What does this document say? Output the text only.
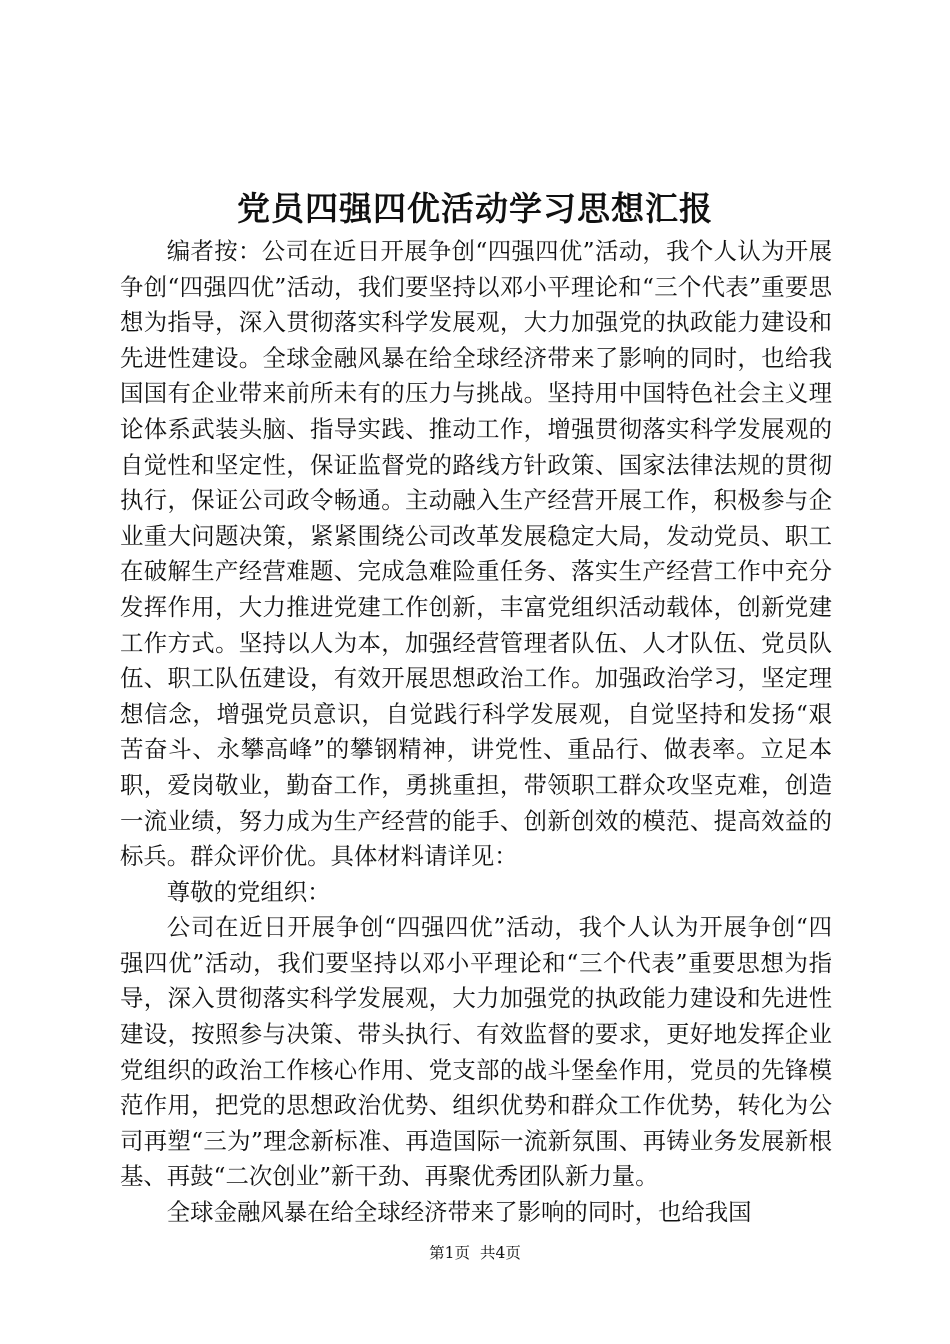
党员四强四优活动学习思想汇报

编者按：公司在近日开展争创“四强四优”活动，我个人认为开展争创“四强四优”活动，我们要坚持以邓小平理论和“三个代表”重要思想为指导，深入贯彻落实科学发展观，大力加强党的执政能力建设和先进性建设。全球金融风暴在给全球经济带来了影响的同时，也给我国国有企业带来前所未有的压力与挑战。坚持用中国特色社会主义理论体系武装头脑、指导实践、推动工作，增强贯彻落实科学发展观的自觉性和坚定性，保证监督党的路线方针政策、国家法律法规的贯彻执行，保证公司政令畅通。主动融入生产经营开展工作，积极参与企业重大问题决策，紧紧围绕公司改革发展稳定大局，发动党员、职工在破解生产经营难题、完成急难险重任务、落实生产经营工作中充分发挥作用，大力推进党建工作创新，丰富党组织活动载体，创新党建工作方式。坚持以人为本，加强经营管理者队伍、人才队伍、党员队伍、职工队伍建设，有效开展思想政治工作。加强政治学习，坚定理想信念，增强党员意识，自觉践行科学发展观，自觉坚持和发扬“艰苦奋斗、永攀高峰”的攀钢精神，讲党性、重品行、做表率。立足本职，爱岗敬业，勤奋工作，勇挑重担，带领职工群众攻坚克难，创造一流业绩，努力成为生产经营的能手、创新创效的模范、提高效益的标兵。群众评价优。具体材料请详见：

尊敬的党组织：

公司在近日开展争创“四强四优”活动，我个人认为开展争创“四强四优”活动，我们要坚持以邓小平理论和“三个代表”重要思想为指导，深入贯彻落实科学发展观，大力加强党的执政能力建设和先进性建设，按照参与决策、带头执行、有效监督的要求，更好地发挥企业党组织的政治工作核心作用、党支部的战斗堡垒作用，党员的先锋模范作用，把党的思想政治优势、组织优势和群众工作优势，转化为公司再塑“三为”理念新标准、再造国际一流新氛围、再铸业务发展新根基、再鼓“二次创业”新干劲、再聚优秀团队新力量。

全球金融风暴在给全球经济带来了影响的同时，也给我国

第1页 共4页
